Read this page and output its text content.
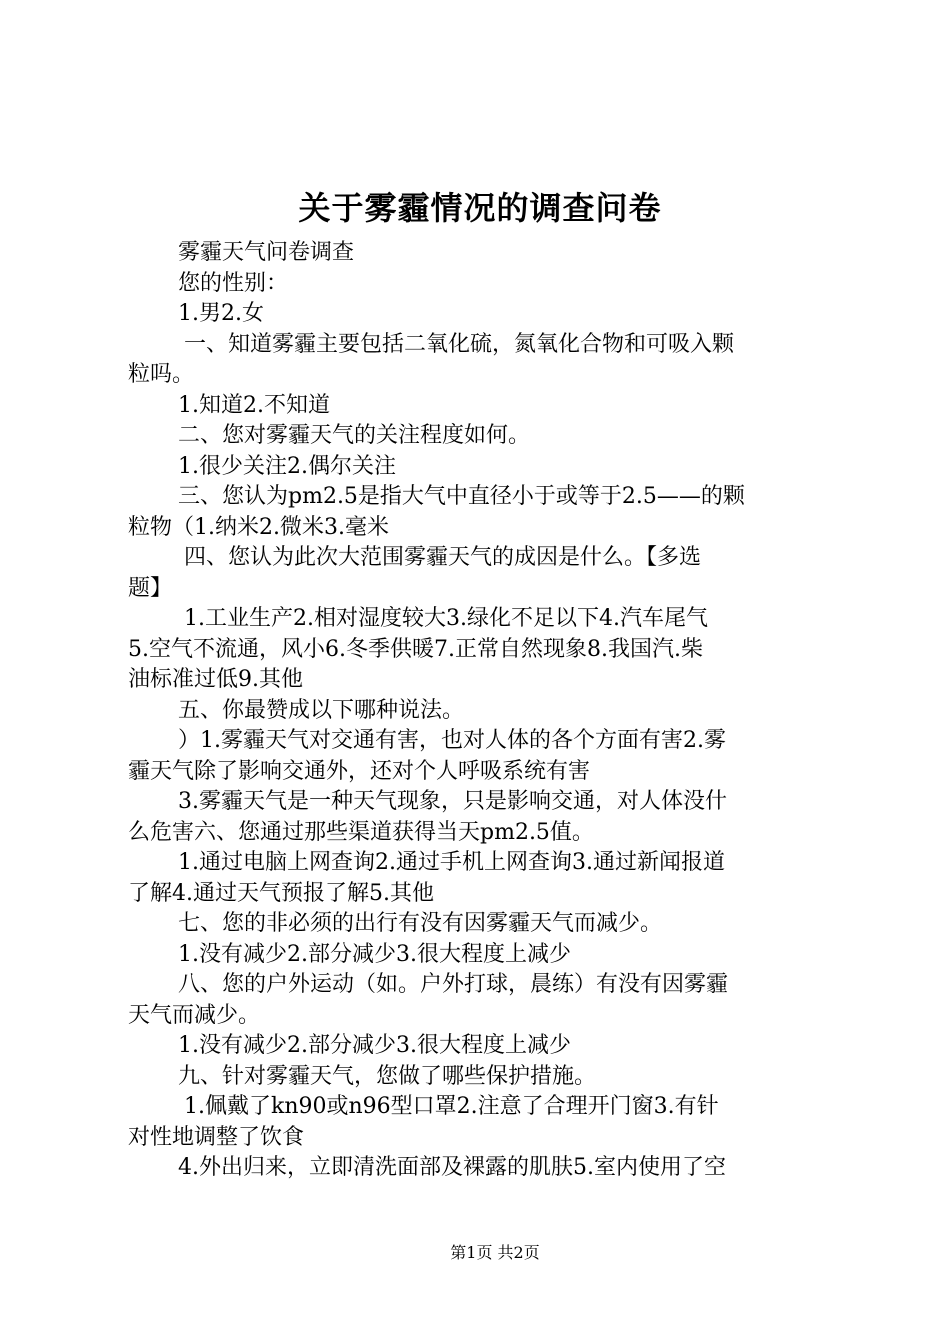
关于雾霾情况的调查问卷
雾霾天气问卷调查
您的性别：
1.男2.女
一、知道雾霾主要包括二氧化硫，氮氧化合物和可吸入颗
粒吗。
1.知道2.不知道
二、您对雾霾天气的关注程度如何。
1.很少关注2.偶尔关注
三、您认为pm2.5是指大气中直径小于或等于2.5——的颗
粒物（1.纳米2.微米3.毫米
四、您认为此次大范围雾霾天气的成因是什么。【多选
题】
1.工业生产2.相对湿度较大3.绿化不足以下4.汽车尾气
5.空气不流通，风小6.冬季供暖7.正常自然现象8.我国汽.柴
油标准过低9.其他
五、你最赞成以下哪种说法。
）1.雾霾天气对交通有害，也对人体的各个方面有害2.雾
霾天气除了影响交通外，还对个人呼吸系统有害
3.雾霾天气是一种天气现象，只是影响交通，对人体没什
么危害六、您通过那些渠道获得当天pm2.5值。
1.通过电脑上网查询2.通过手机上网查询3.通过新闻报道
了解4.通过天气预报了解5.其他
七、您的非必须的出行有没有因雾霾天气而减少。
1.没有减少2.部分减少3.很大程度上减少
八、您的户外运动（如。户外打球，晨练）有没有因雾霾
天气而减少。
1.没有减少2.部分减少3.很大程度上减少
九、针对雾霾天气，您做了哪些保护措施。
1.佩戴了kn90或n96型口罩2.注意了合理开门窗3.有针
对性地调整了饮食
4.外出归来，立即清洗面部及裸露的肌肤5.室内使用了空
第1页 共2页
